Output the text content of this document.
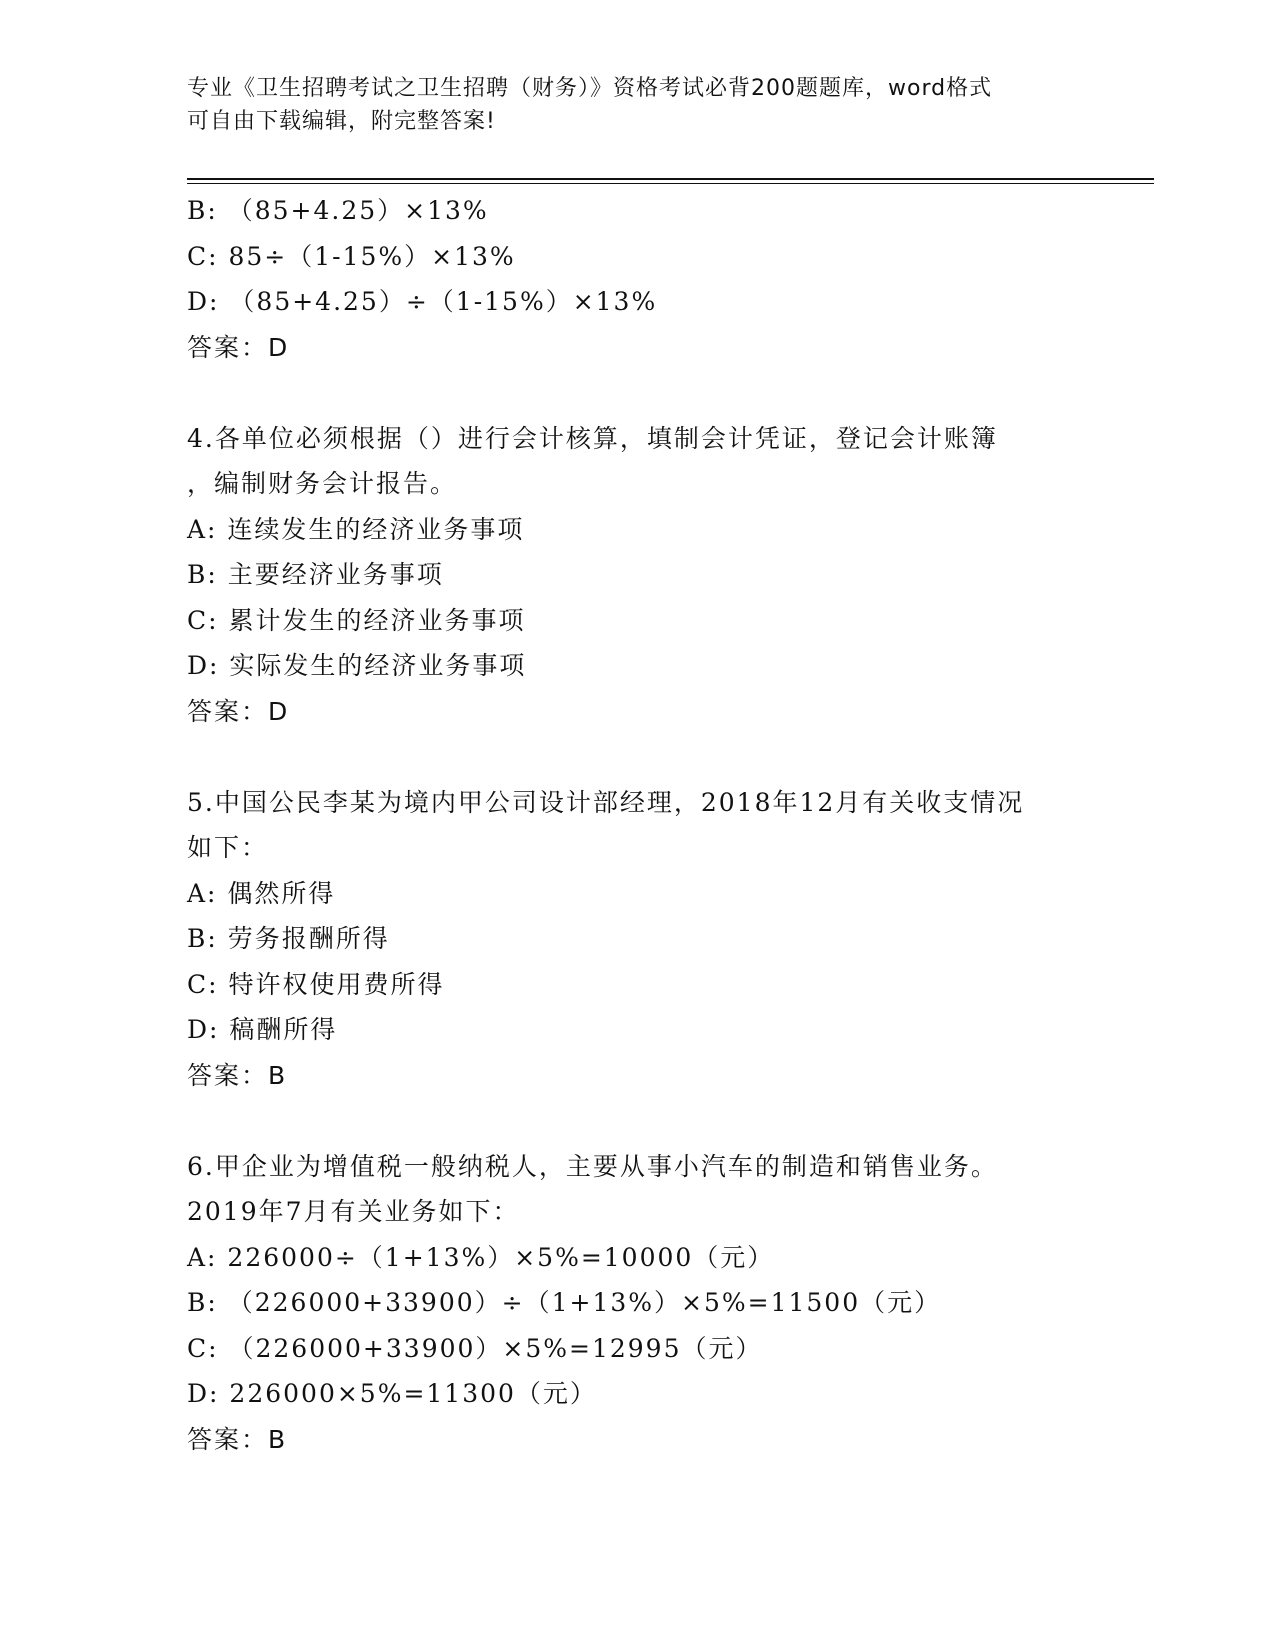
专业《卫生招聘考试之卫生招聘（财务）》资格考试必背200题题库，word格式
可自由下载编辑，附完整答案!
B: （85+4.25）×13%
C: 85÷（1-15%）×13%
D: （85+4.25）÷（1-15%）×13%
答案：D
4.各单位必须根据（）进行会计核算，填制会计凭证，登记会计账簿
，编制财务会计报告。
A: 连续发生的经济业务事项
B: 主要经济业务事项
C: 累计发生的经济业务事项
D: 实际发生的经济业务事项
答案：D
5.中国公民李某为境内甲公司设计部经理，2018年12月有关收支情况
如下：
A: 偶然所得
B: 劳务报酬所得
C: 特许权使用费所得
D: 稿酬所得
答案：B
6.甲企业为增值税一般纳税人，主要从事小汽车的制造和销售业务。
2019年7月有关业务如下：
A: 226000÷（1+13%）×5%=10000（元）
B: （226000+33900）÷（1+13%）×5%=11500（元）
C: （226000+33900）×5%=12995（元）
D: 226000×5%=11300（元）
答案：B
